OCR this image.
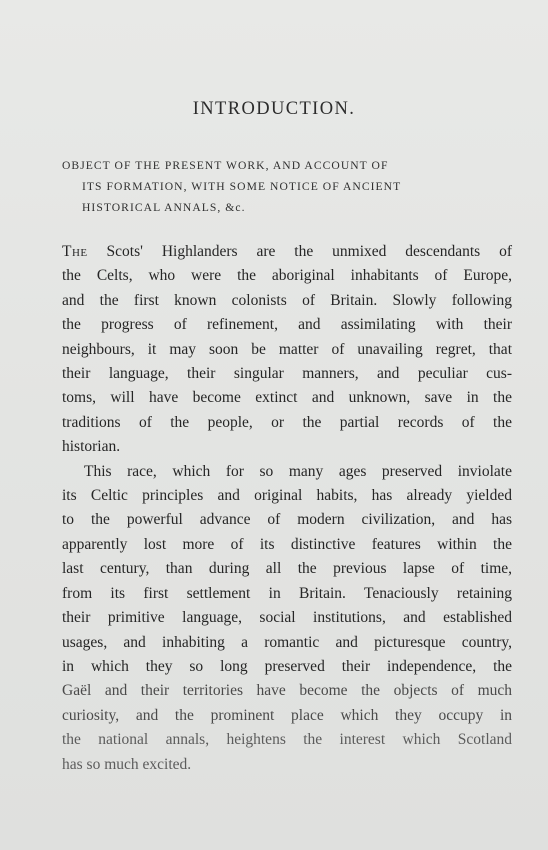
INTRODUCTION.
OBJECT OF THE PRESENT WORK, AND ACCOUNT OF
ITS FORMATION, WITH SOME NOTICE OF ANCIENT
HISTORICAL ANNALS, &c.
The Scots' Highlanders are the unmixed descendants of
the Celts, who were the aboriginal inhabitants of Europe,
and the first known colonists of Britain. Slowly following
the progress of refinement, and assimilating with their
neighbours, it may soon be matter of unavailing regret, that
their language, their singular manners, and peculiar cus-
toms, will have become extinct and unknown, save in the
traditions of the people, or the partial records of the
historian.
This race, which for so many ages preserved inviolate
its Celtic principles and original habits, has already yielded
to the powerful advance of modern civilization, and has
apparently lost more of its distinctive features within the
last century, than during all the previous lapse of time,
from its first settlement in Britain. Tenaciously retaining
their primitive language, social institutions, and established
usages, and inhabiting a romantic and picturesque country,
in which they so long preserved their independence, the
Gaël and their territories have become the objects of much
curiosity, and the prominent place which they occupy in
the national annals, heightens the interest which Scotland
has so much excited.
